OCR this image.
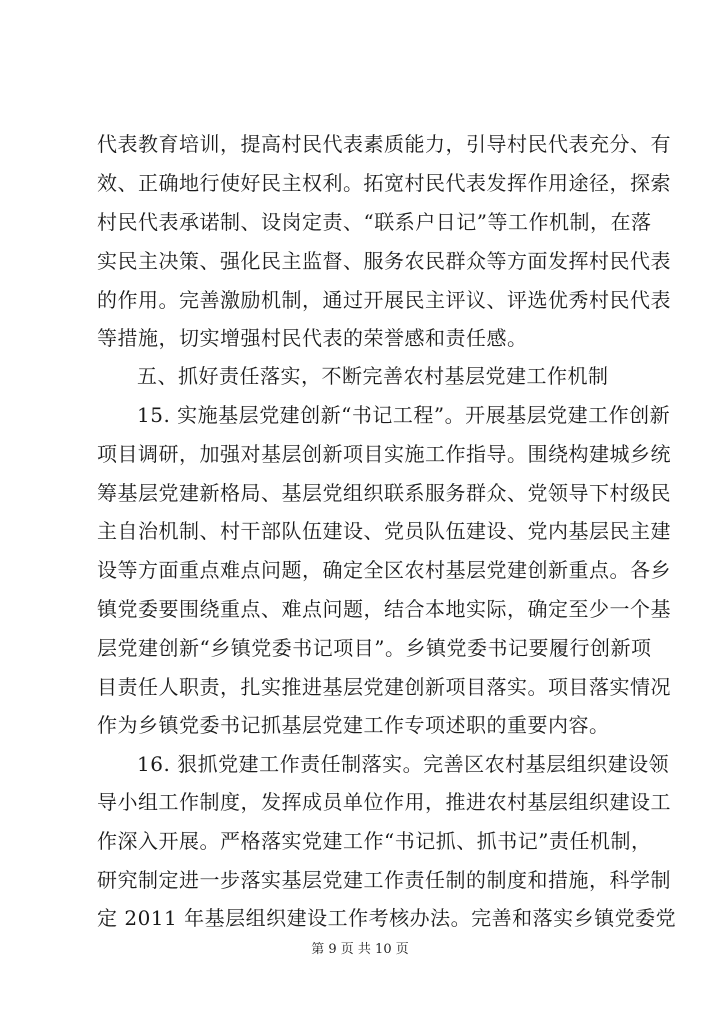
代表教育培训，提高村民代表素质能力，引导村民代表充分、有
效、正确地行使好民主权利。拓宽村民代表发挥作用途径，探索
村民代表承诺制、设岗定责、“联系户日记”等工作机制，在落
实民主决策、强化民主监督、服务农民群众等方面发挥村民代表
的作用。完善激励机制，通过开展民主评议、评选优秀村民代表
等措施，切实增强村民代表的荣誉感和责任感。
五、抓好责任落实，不断完善农村基层党建工作机制
15. 实施基层党建创新“书记工程”。开展基层党建工作创新
项目调研，加强对基层创新项目实施工作指导。围绕构建城乡统
筹基层党建新格局、基层党组织联系服务群众、党领导下村级民
主自治机制、村干部队伍建设、党员队伍建设、党内基层民主建
设等方面重点难点问题，确定全区农村基层党建创新重点。各乡
镇党委要围绕重点、难点问题，结合本地实际，确定至少一个基
层党建创新“乡镇党委书记项目”。乡镇党委书记要履行创新项
目责任人职责，扎实推进基层党建创新项目落实。项目落实情况
作为乡镇党委书记抓基层党建工作专项述职的重要内容。
16. 狠抓党建工作责任制落实。完善区农村基层组织建设领
导小组工作制度，发挥成员单位作用，推进农村基层组织建设工
作深入开展。严格落实党建工作“书记抓、抓书记”责任机制，
研究制定进一步落实基层党建工作责任制的制度和措施，科学制
定 2011 年基层组织建设工作考核办法。完善和落实乡镇党委党
第 9 页 共 10 页
